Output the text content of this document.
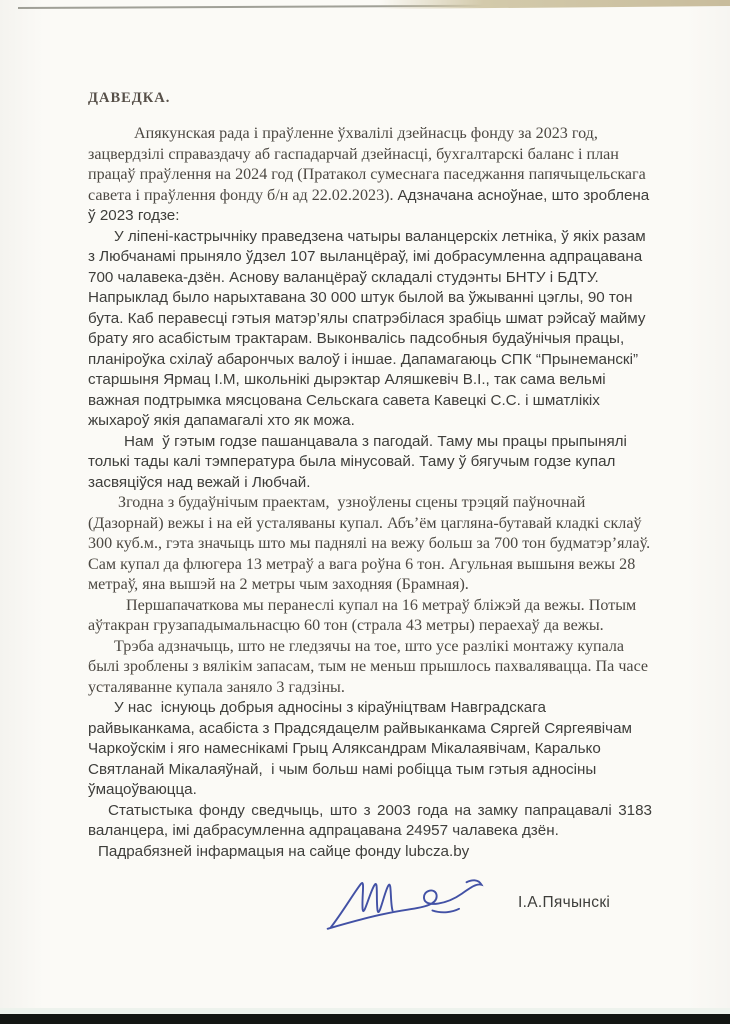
ДАВЕДКА.

Апякунская рада і праўленне ўхвалілі дзейнасць фонду за 2023 год, зацвердзілі справаздачу аб гаспадарчай дзейнасці, бухгалтарскі баланс і план працаў праўлення на 2024 год (Пратакол сумеснага паседжання папячыцельскага савета і праўлення фонду б/н ад 22.02.2023). Адзначана асноўнае, што зроблена ў 2023 годзе:

У ліпені-кастрычніку праведзена чатыры валанцерскіх летніка, ў якіх разам з Любчанамі прыняло ўдзел 107 выланцёраў, імі добрасумленна адпрацавана 700 чалавека-дзён. Аснову валанцёраў складалі студэнты БНТУ і БДТУ. Напрыклад было нарыхтавана 30 000 штук былой ва ўжыванні цэглы, 90 тон бута. Каб перавесці гэтыя матэр’ялы спатрэбілася зрабіць шмат рэйсаў майму брату яго асабістым трактарам. Выконвалісь падсобныя будаўнічыя працы, планіроўка схілаў абарончых валоў і іншае. Дапамагаюць СПК “Прынеманскі” старшыня Ярмац І.М, школьнікі дырэктар Аляшкевіч В.І., так сама вельмі важная подтрымка мясцована Сельскага савета Кавецкі С.С. і шматлікіх  жыхароў якія дапамагалі хто як можа.

Нам  ў гэтым годзе пашанцавала з пагодай. Таму мы працы прыпынялі толькі тады калі тэмпература была мінусовай. Таму ў бягучым годзе купал засвяціўся над вежай і Любчай.

Згодна з будаўнічым праектам,  узноўлены сцены трэцяй паўночнай (Дазорнай) вежы і на ей усталяваны купал. Абъ’ём цагляна-бутавай кладкі склаў 300 куб.м., гэта значыць што мы паднялі на вежу больш за 700 тон будматэр’ялаў. Сам купал да флюгера 13 метраў а вага роўна 6 тон. Агульная вышыня вежы 28 метраў, яна вышэй на 2 метры чым заходняя (Брамная).

Першапачаткова мы перанеслі купал на 16 метраў бліжэй да вежы. Потым аўтакран грузападымальнасцю 60 тон (страла 43 метры) пераехаў да вежы.

Трэба адзначыць, што не гледзячы на тое, што усе разлікі монтажу купала былі зроблены з вялікім запасам, тым не меньш прышлось пахвалявацца. Па часе усталяванне купала заняло 3 гадзіны.

У нас  існуюць добрыя адносіны з кіраўніцтвам Навградскага райвыканкама, асабіста з Прадсядацелм райвыканкама Сяргей Сяргеявічам Чаркоўскім і яго намеснікамі Грыц Аляксандрам Мікалаявічам, Каралько Святланай Мікалаяўнай,  і чым больш намі робіцца тым гэтыя адносіны ўмацоўваюцца.

Статыстыка фонду сведчыць, што з 2003 года на замку папрацавалі 3183 валанцера, імі дабрасумленна адпрацавана 24957 чалавека дзён.

Падрабязней інфармацыя на сайце фонду lubcza.by

І.А.Пячынскі
